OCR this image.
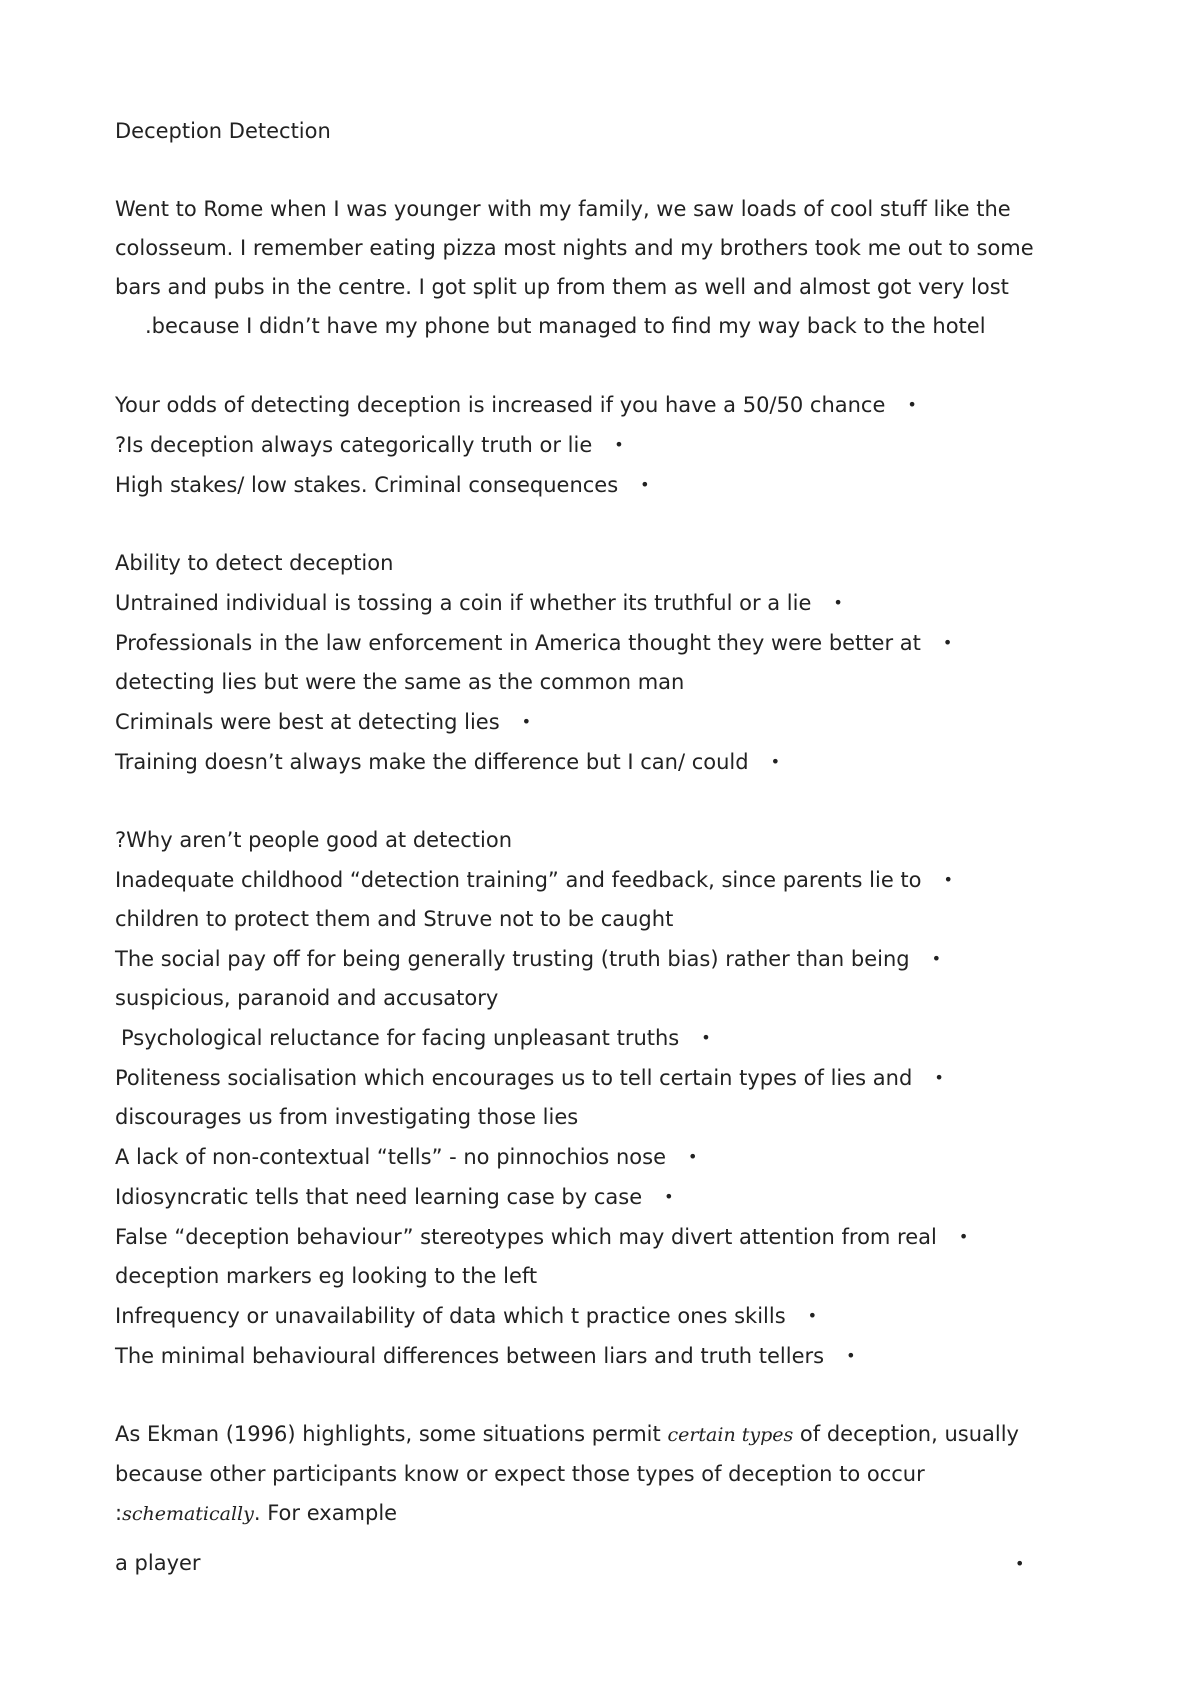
Deception Detection
Went to Rome when I was younger with my family, we saw loads of cool stuff like the
colosseum. I remember eating pizza most nights and my brothers took me out to some
bars and pubs in the centre. I got split up from them as well and almost got very lost
.because I didn’t have my phone but managed to find my way back to the hotel
Your odds of detecting deception is increased if you have a 50/50 chance •
?Is deception always categorically truth or lie •
High stakes/ low stakes. Criminal consequences •
Ability to detect deception
Untrained individual is tossing a coin if whether its truthful or a lie •
Professionals in the law enforcement in America thought they were better at •
detecting lies but were the same as the common man
Criminals were best at detecting lies •
Training doesn’t always make the difference but I can/ could •
?Why aren’t people good at detection
Inadequate childhood “detection training” and feedback, since parents lie to •
children to protect them and Struve not to be caught
The social pay off for being generally trusting (truth bias) rather than being •
suspicious, paranoid and accusatory
Psychological reluctance for facing unpleasant truths •
Politeness socialisation which encourages us to tell certain types of lies and •
discourages us from investigating those lies
A lack of non-contextual “tells” - no pinnochios nose •
Idiosyncratic tells that need learning case by case •
False “deception behaviour” stereotypes which may divert attention from real •
deception markers eg looking to the left
Infrequency or unavailability of data which t practice ones skills •
The minimal behavioural differences between liars and truth tellers •
As Ekman (1996) highlights, some situations permit certain types of deception, usually
because other participants know or expect those types of deception to occur
:schematically. For example
a player	•
